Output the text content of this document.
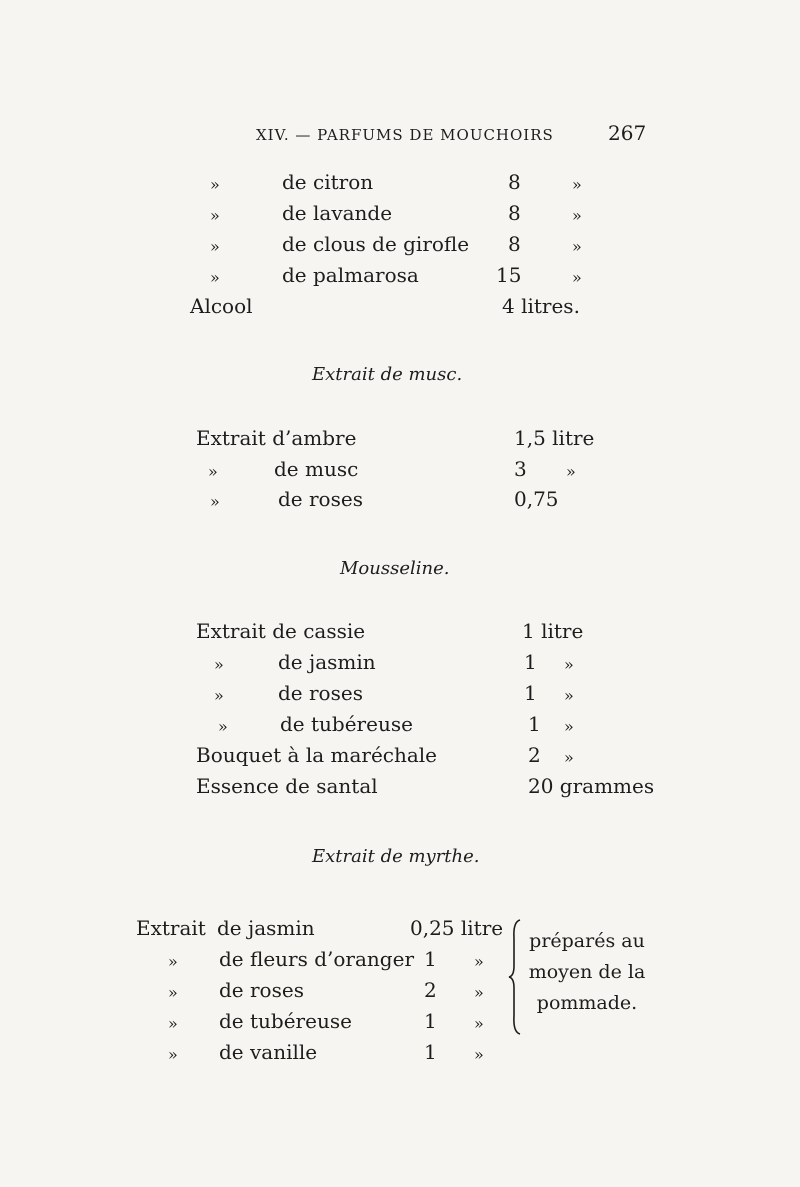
XIV. — PARFUMS DE MOUCHOIRS	267
»	de citron	8	»
»	de lavande	8	»
»	de clous de girofle 8	»
»	de palmarosa	15	»
Alcool	4 litres.
Extrait de musc.
Extrait d’ambre	1,5 litre
»	de musc	3 »
»	de roses	0,75
Mousseline.
Extrait de cassie	1 litre
»	de jasmin	1 »
»	de roses	1 »
»	de tubéreuse	1 »
Bouquet à la maréchale	2 »
Essence de santal	20 grammes
Extrait de myrthe.
Extrait de jasmin	0,25 litre
» de fleurs d’oranger 1 »
» de roses	2 »
» de tubéreuse	1 »
» de vanille	1 »
préparés au
moyen de la
pommade.
